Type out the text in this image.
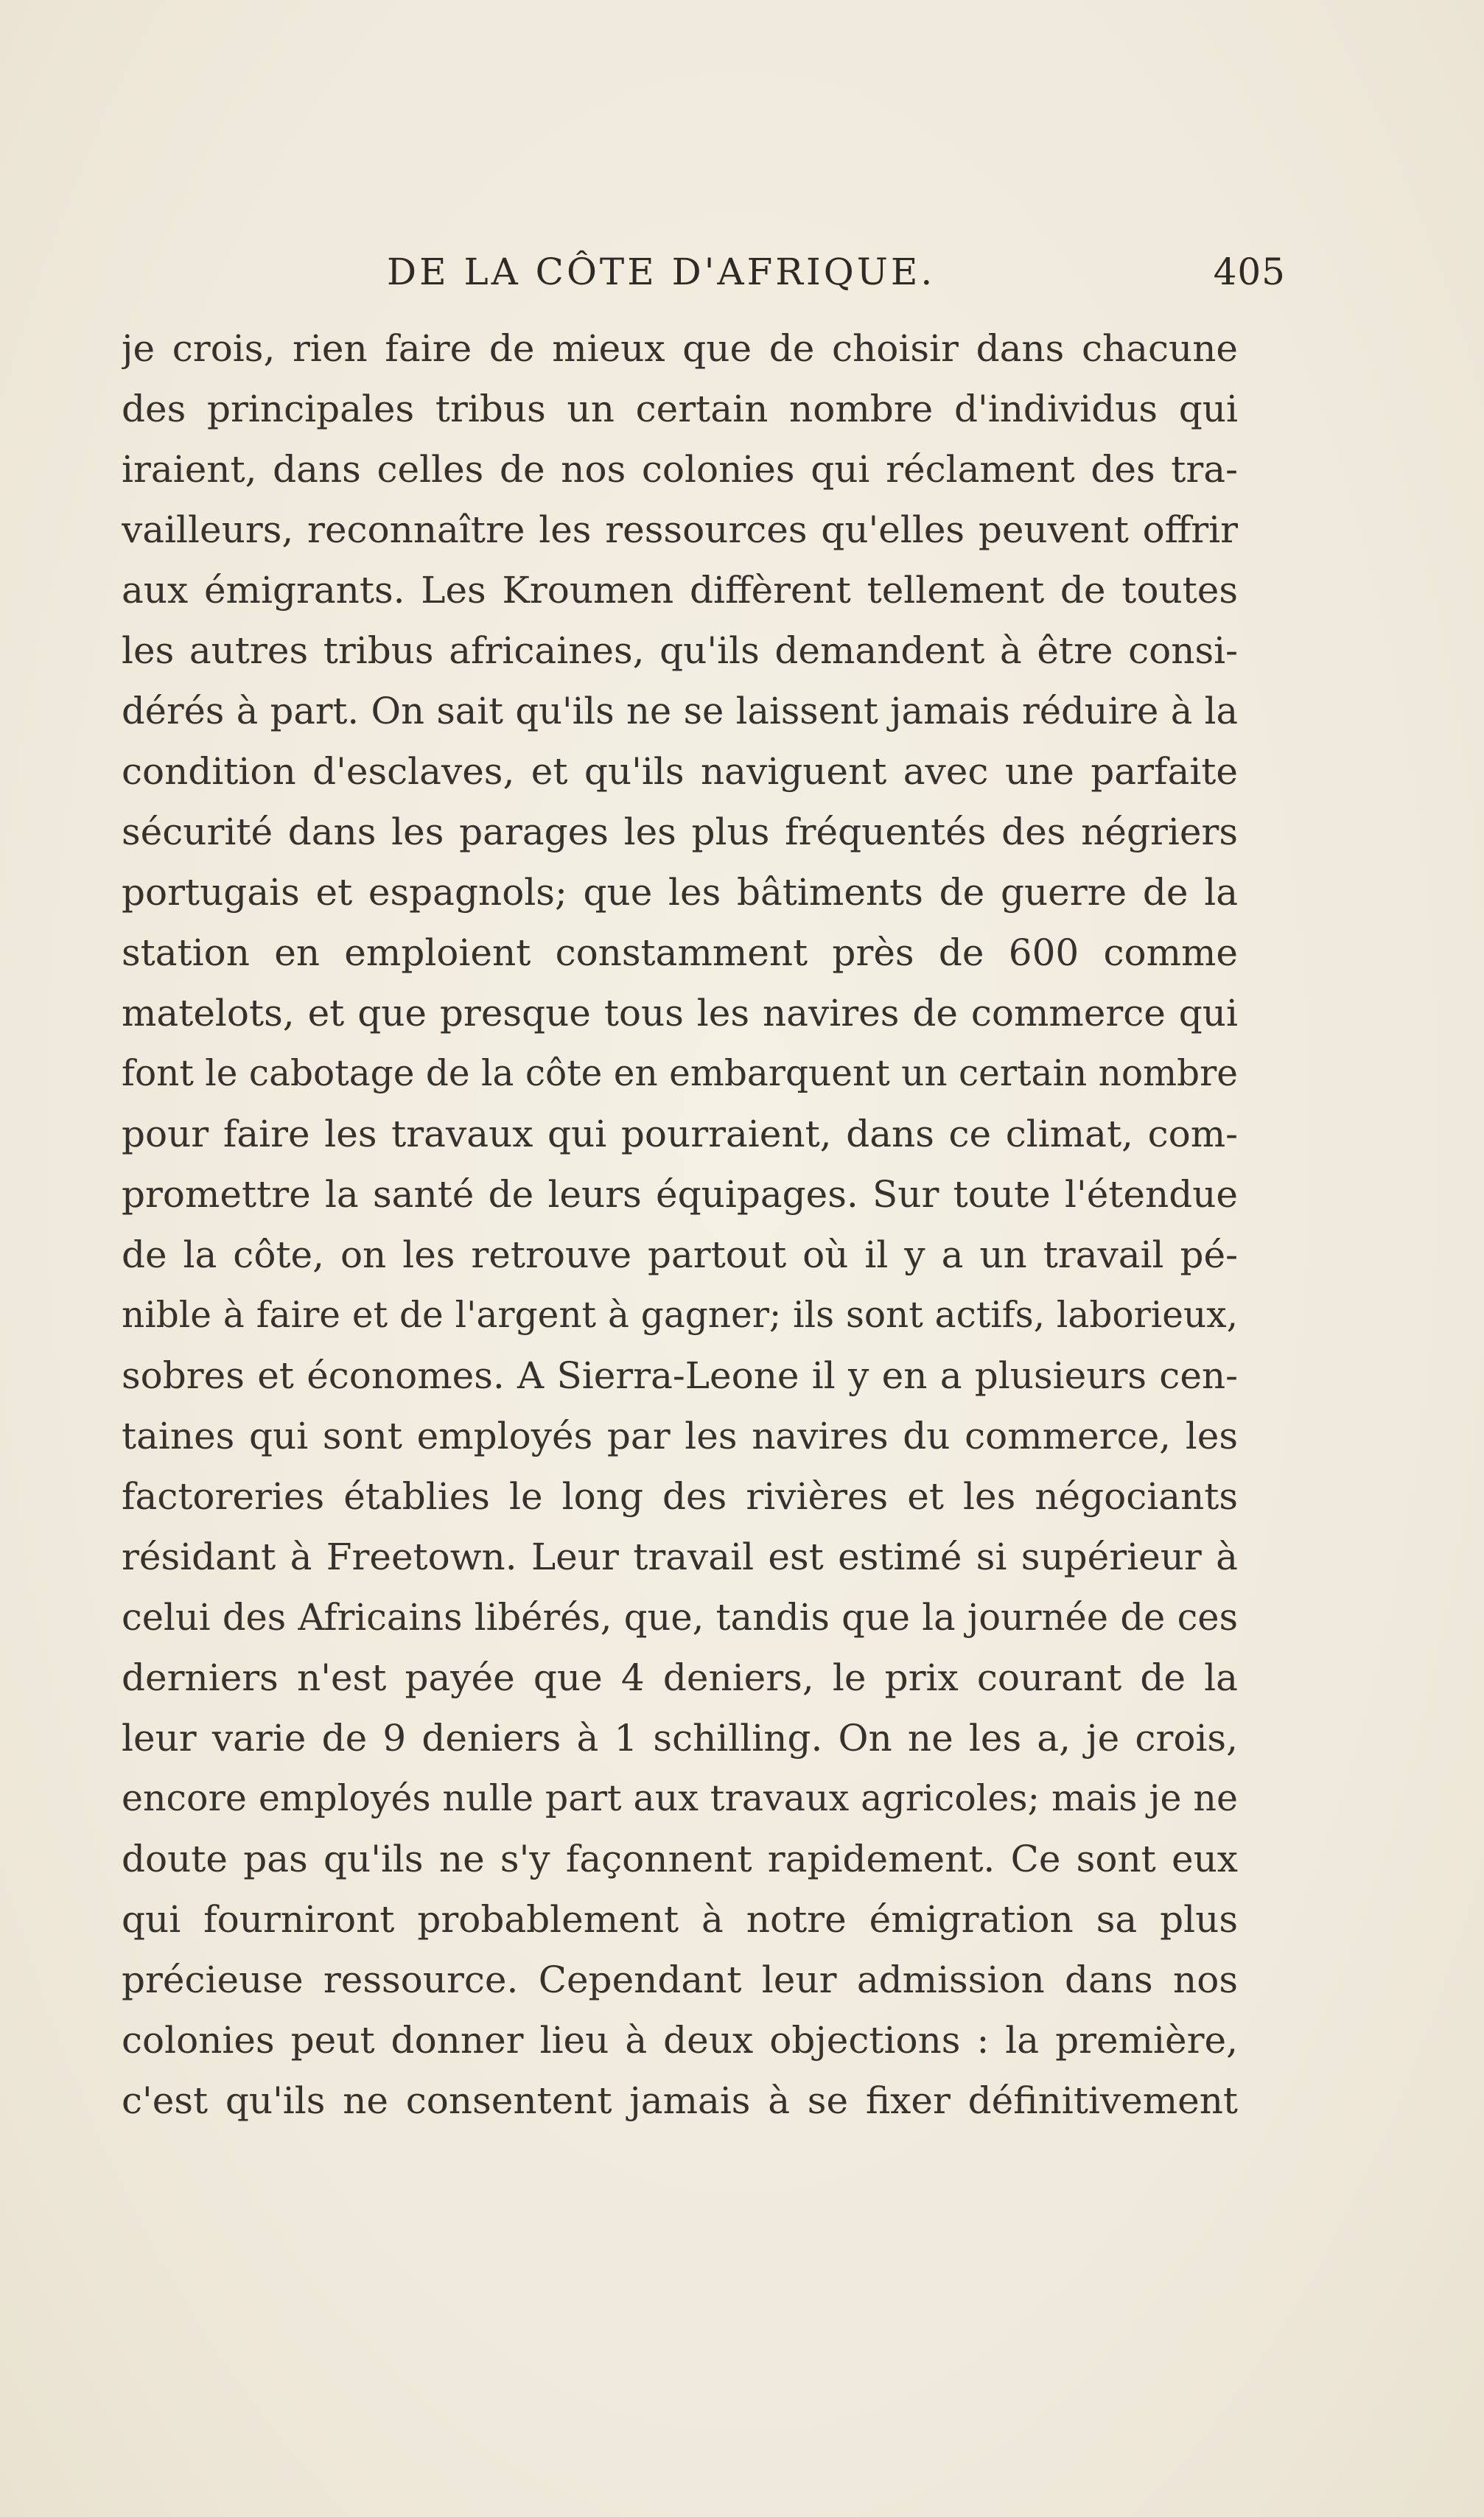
DE LA CÔTE D'AFRIQUE.	405
je crois, rien faire de mieux que de choisir dans chacune
des principales tribus un certain nombre d'individus qui
iraient, dans celles de nos colonies qui réclament des tra-
vailleurs, reconnaître les ressources qu'elles peuvent offrir
aux émigrants. Les Kroumen diffèrent tellement de toutes
les autres tribus africaines, qu'ils demandent à être consi-
dérés à part. On sait qu'ils ne se laissent jamais réduire à la
condition d'esclaves, et qu'ils naviguent avec une parfaite
sécurité dans les parages les plus fréquentés des négriers
portugais et espagnols; que les bâtiments de guerre de la
station en emploient constamment près de 600 comme
matelots, et que presque tous les navires de commerce qui
font le cabotage de la côte en embarquent un certain nombre
pour faire les travaux qui pourraient, dans ce climat, com-
promettre la santé de leurs équipages. Sur toute l'étendue
de la côte, on les retrouve partout où il y a un travail pé-
nible à faire et de l'argent à gagner; ils sont actifs, laborieux,
sobres et économes. A Sierra-Leone il y en a plusieurs cen-
taines qui sont employés par les navires du commerce, les
factoreries établies le long des rivières et les négociants
résidant à Freetown. Leur travail est estimé si supérieur à
celui des Africains libérés, que, tandis que la journée de ces
derniers n'est payée que 4 deniers, le prix courant de la
leur varie de 9 deniers à 1 schilling. On ne les a, je crois,
encore employés nulle part aux travaux agricoles; mais je ne
doute pas qu'ils ne s'y façonnent rapidement. Ce sont eux
qui fourniront probablement à notre émigration sa plus
précieuse ressource. Cependant leur admission dans nos
colonies peut donner lieu à deux objections : la première,
c'est qu'ils ne consentent jamais à se fixer définitivement
